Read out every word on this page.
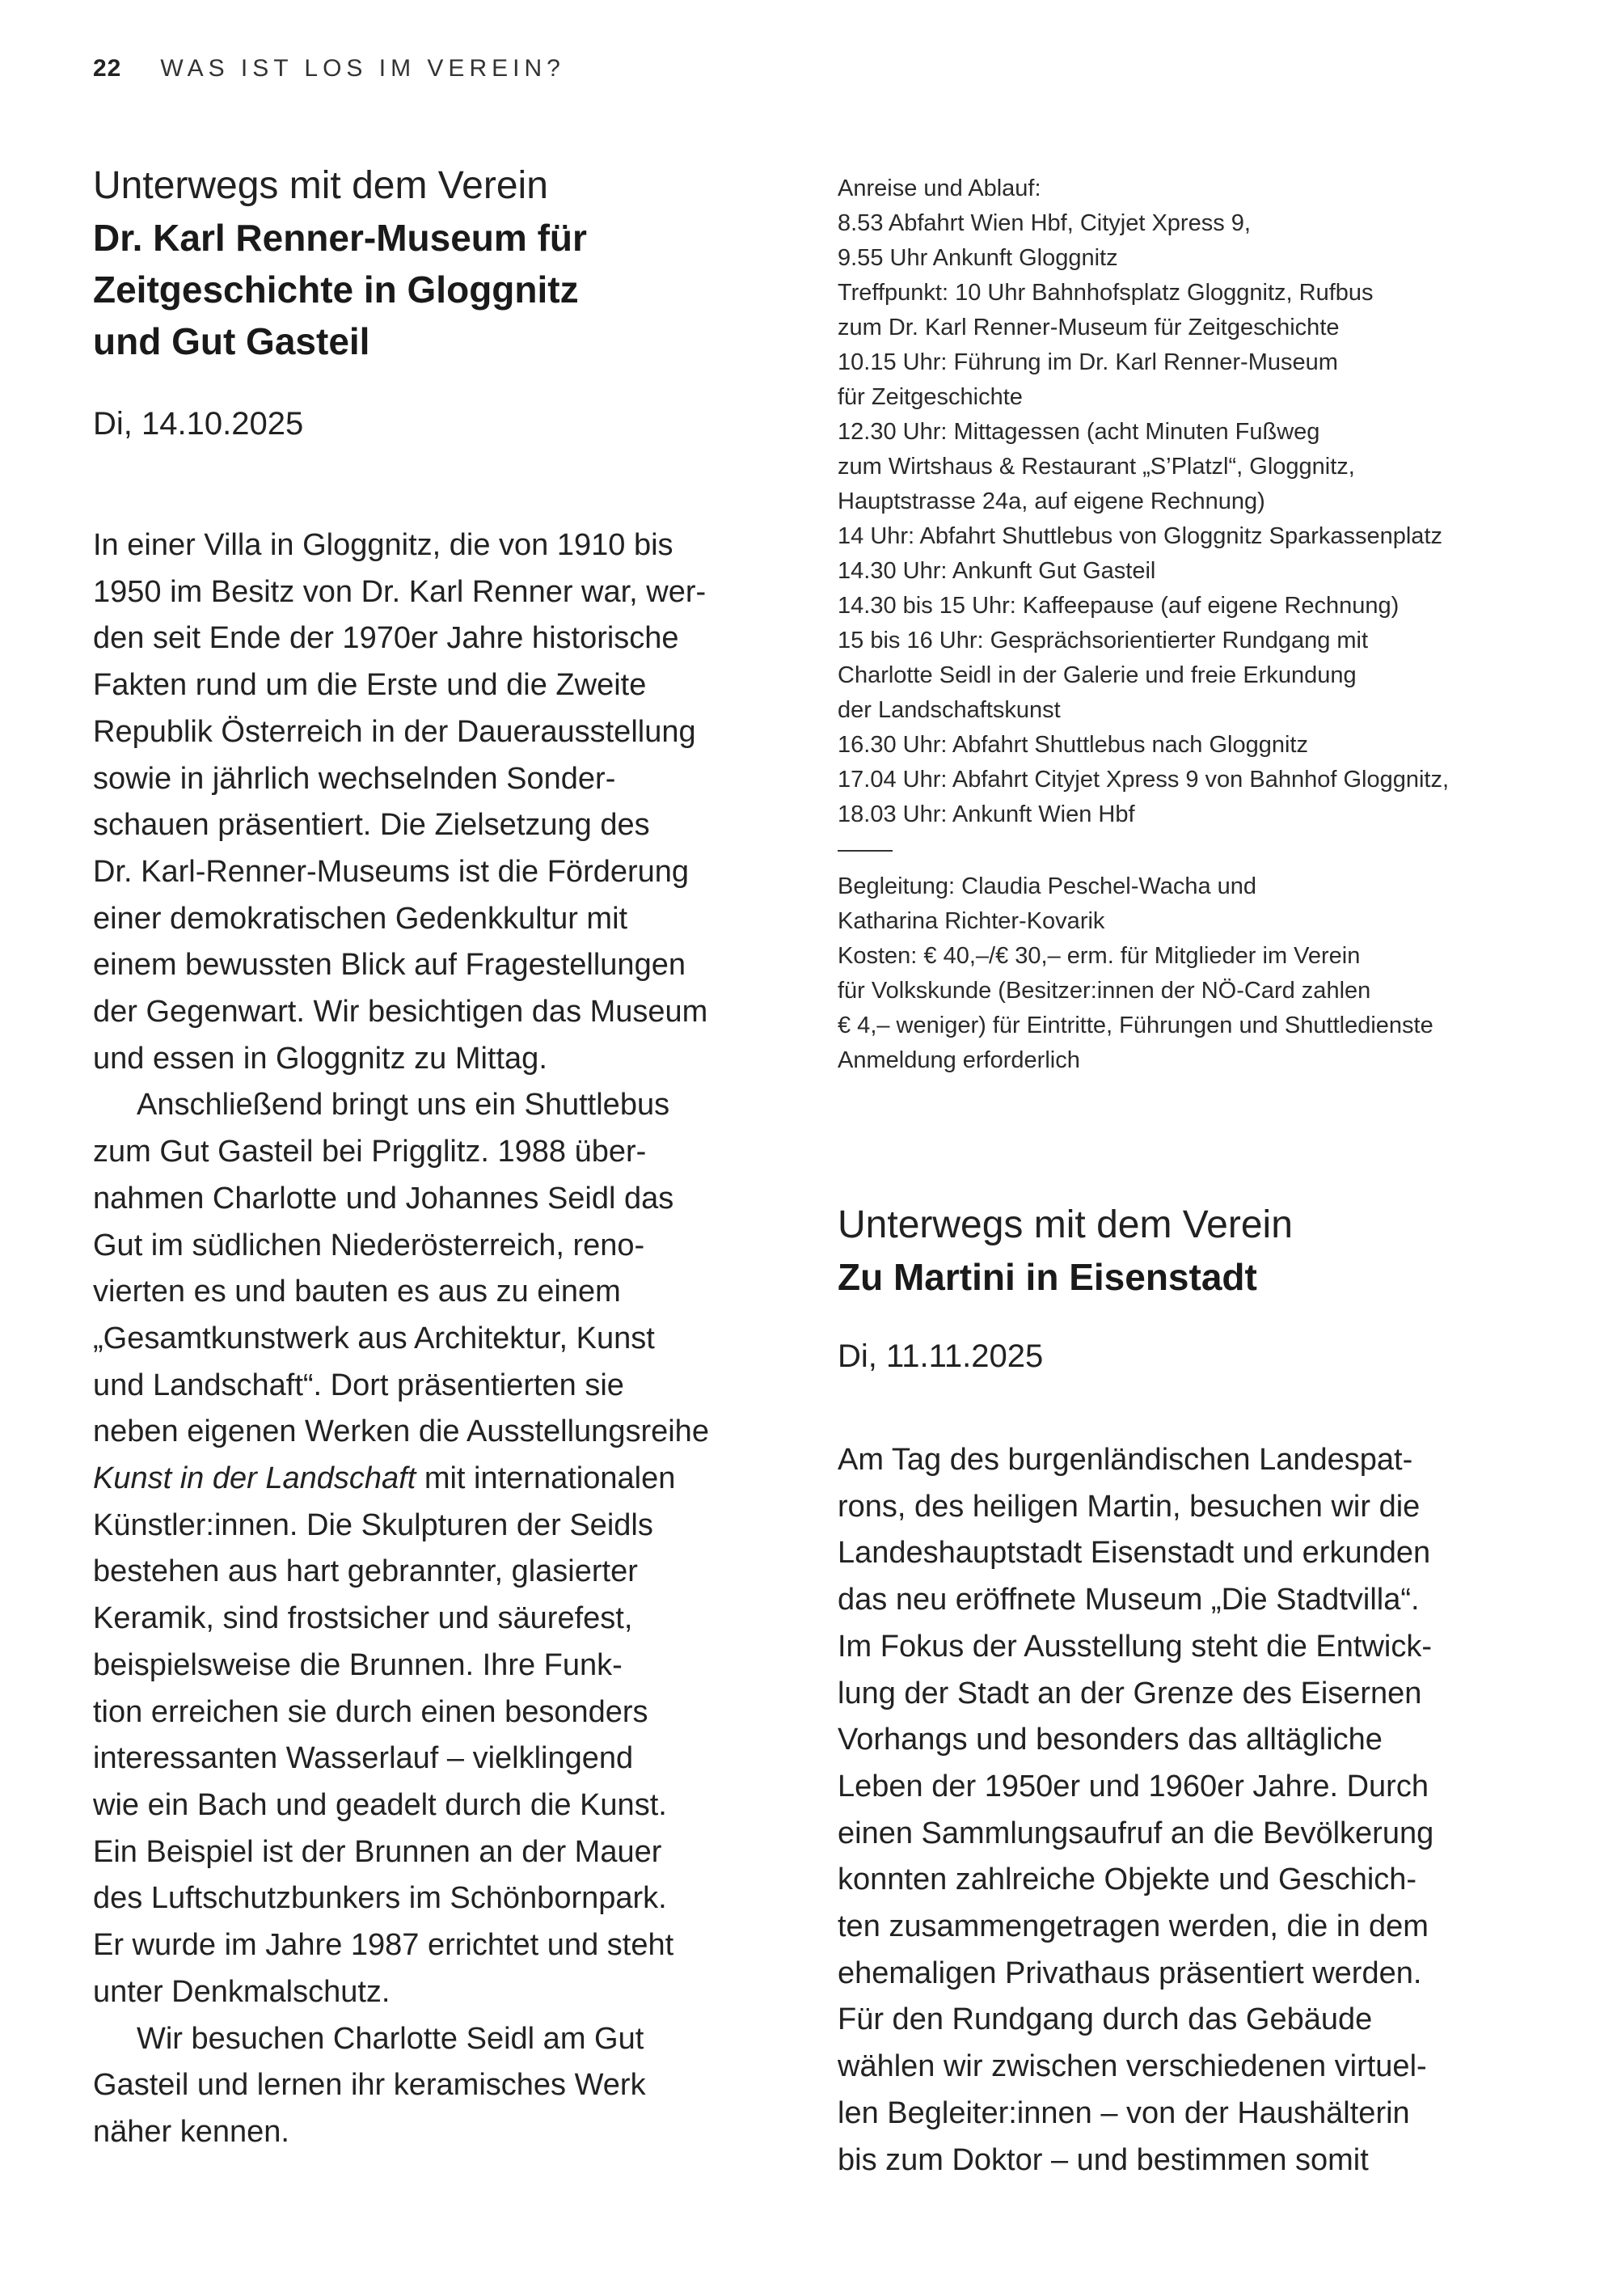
22 WAS IST LOS IM VEREIN?

Unterwegs mit dem Verein

Dr. Karl Renner-Museum für

Zeitgeschichte in Gloggnitz

und Gut Gasteil

Di, 14.10.2025

In einer Villa in Gloggnitz, die von 1910 bis
1950 im Besitz von Dr. Karl Renner war, wer-
den seit Ende der 1970er Jahre historische
Fakten rund um die Erste und die Zweite
Republik Österreich in der Dauerausstellung
sowie in jährlich wechselnden Sonder-
schauen präsentiert. Die Zielsetzung des
Dr. Karl-Renner-Museums ist die Förderung
einer demokratischen Gedenkkultur mit
einem bewussten Blick auf Fragestellungen
der Gegenwart. Wir besichtigen das Museum
und essen in Gloggnitz zu Mittag.
Anschließend bringt uns ein Shuttlebus
zum Gut Gasteil bei Prigglitz. 1988 über-
nahmen Charlotte und Johannes Seidl das
Gut im südlichen Niederösterreich, reno-
vierten es und bauten es aus zu einem
„Gesamtkunstwerk aus Architektur, Kunst
und Landschaft“. Dort präsentierten sie
neben eigenen Werken die Ausstellungsreihe
Kunst in der Landschaft mit internationalen
Künstler:innen. Die Skulpturen der Seidls
bestehen aus hart gebrannter, glasierter
Keramik, sind frostsicher und säurefest,
beispielsweise die Brunnen. Ihre Funk-
tion erreichen sie durch einen besonders
interessanten Wasserlauf – vielklingend
wie ein Bach und geadelt durch die Kunst.
Ein Beispiel ist der Brunnen an der Mauer
des Luftschutzbunkers im Schönbornpark.
Er wurde im Jahre 1987 errichtet und steht
unter Denkmalschutz.
Wir besuchen Charlotte Seidl am Gut
Gasteil und lernen ihr keramisches Werk
näher kennen.
Anreise und Ablauf:
8.53 Abfahrt Wien Hbf, Cityjet Xpress 9,
9.55 Uhr Ankunft Gloggnitz
Treffpunkt: 10 Uhr Bahnhofsplatz Gloggnitz, Rufbus
zum Dr. Karl Renner-Museum für Zeitgeschichte
10.15 Uhr: Führung im Dr. Karl Renner-Museum
für Zeitgeschichte
12.30 Uhr: Mittagessen (acht Minuten Fußweg
zum Wirtshaus & Restaurant „S’Platzl“, Gloggnitz,
Hauptstrasse 24a, auf eigene Rechnung)
14 Uhr: Abfahrt Shuttlebus von Gloggnitz Sparkassenplatz
14.30 Uhr: Ankunft Gut Gasteil
14.30 bis 15 Uhr: Kaffeepause (auf eigene Rechnung)
15 bis 16 Uhr: Gesprächsorientierter Rundgang mit
Charlotte Seidl in der Galerie und freie Erkundung
der Landschaftskunst
16.30 Uhr: Abfahrt Shuttlebus nach Gloggnitz
17.04 Uhr: Abfahrt Cityjet Xpress 9 von Bahnhof Gloggnitz,
18.03 Uhr: Ankunft Wien Hbf
Begleitung: Claudia Peschel-Wacha und
Katharina Richter-Kovarik
Kosten: € 40,–/€ 30,– erm. für Mitglieder im Verein
für Volkskunde (Besitzer:innen der NÖ-Card zahlen
€ 4,– weniger) für Eintritte, Führungen und Shuttledienste
Anmeldung erforderlich

Unterwegs mit dem Verein

Zu Martini in Eisenstadt

Di, 11.11.2025

Am Tag des burgenländischen Landespat-
rons, des heiligen Martin, besuchen wir die
Landeshauptstadt Eisenstadt und erkunden
das neu eröffnete Museum „Die Stadtvilla“.
Im Fokus der Ausstellung steht die Entwick-
lung der Stadt an der Grenze des Eisernen
Vorhangs und besonders das alltägliche
Leben der 1950er und 1960er Jahre. Durch
einen Sammlungsaufruf an die Bevölkerung
konnten zahlreiche Objekte und Geschich-
ten zusammengetragen werden, die in dem
ehemaligen Privathaus präsentiert werden.
Für den Rundgang durch das Gebäude
wählen wir zwischen verschiedenen virtuel-
len Begleiter:innen – von der Haushälterin
bis zum Doktor – und bestimmen somit
